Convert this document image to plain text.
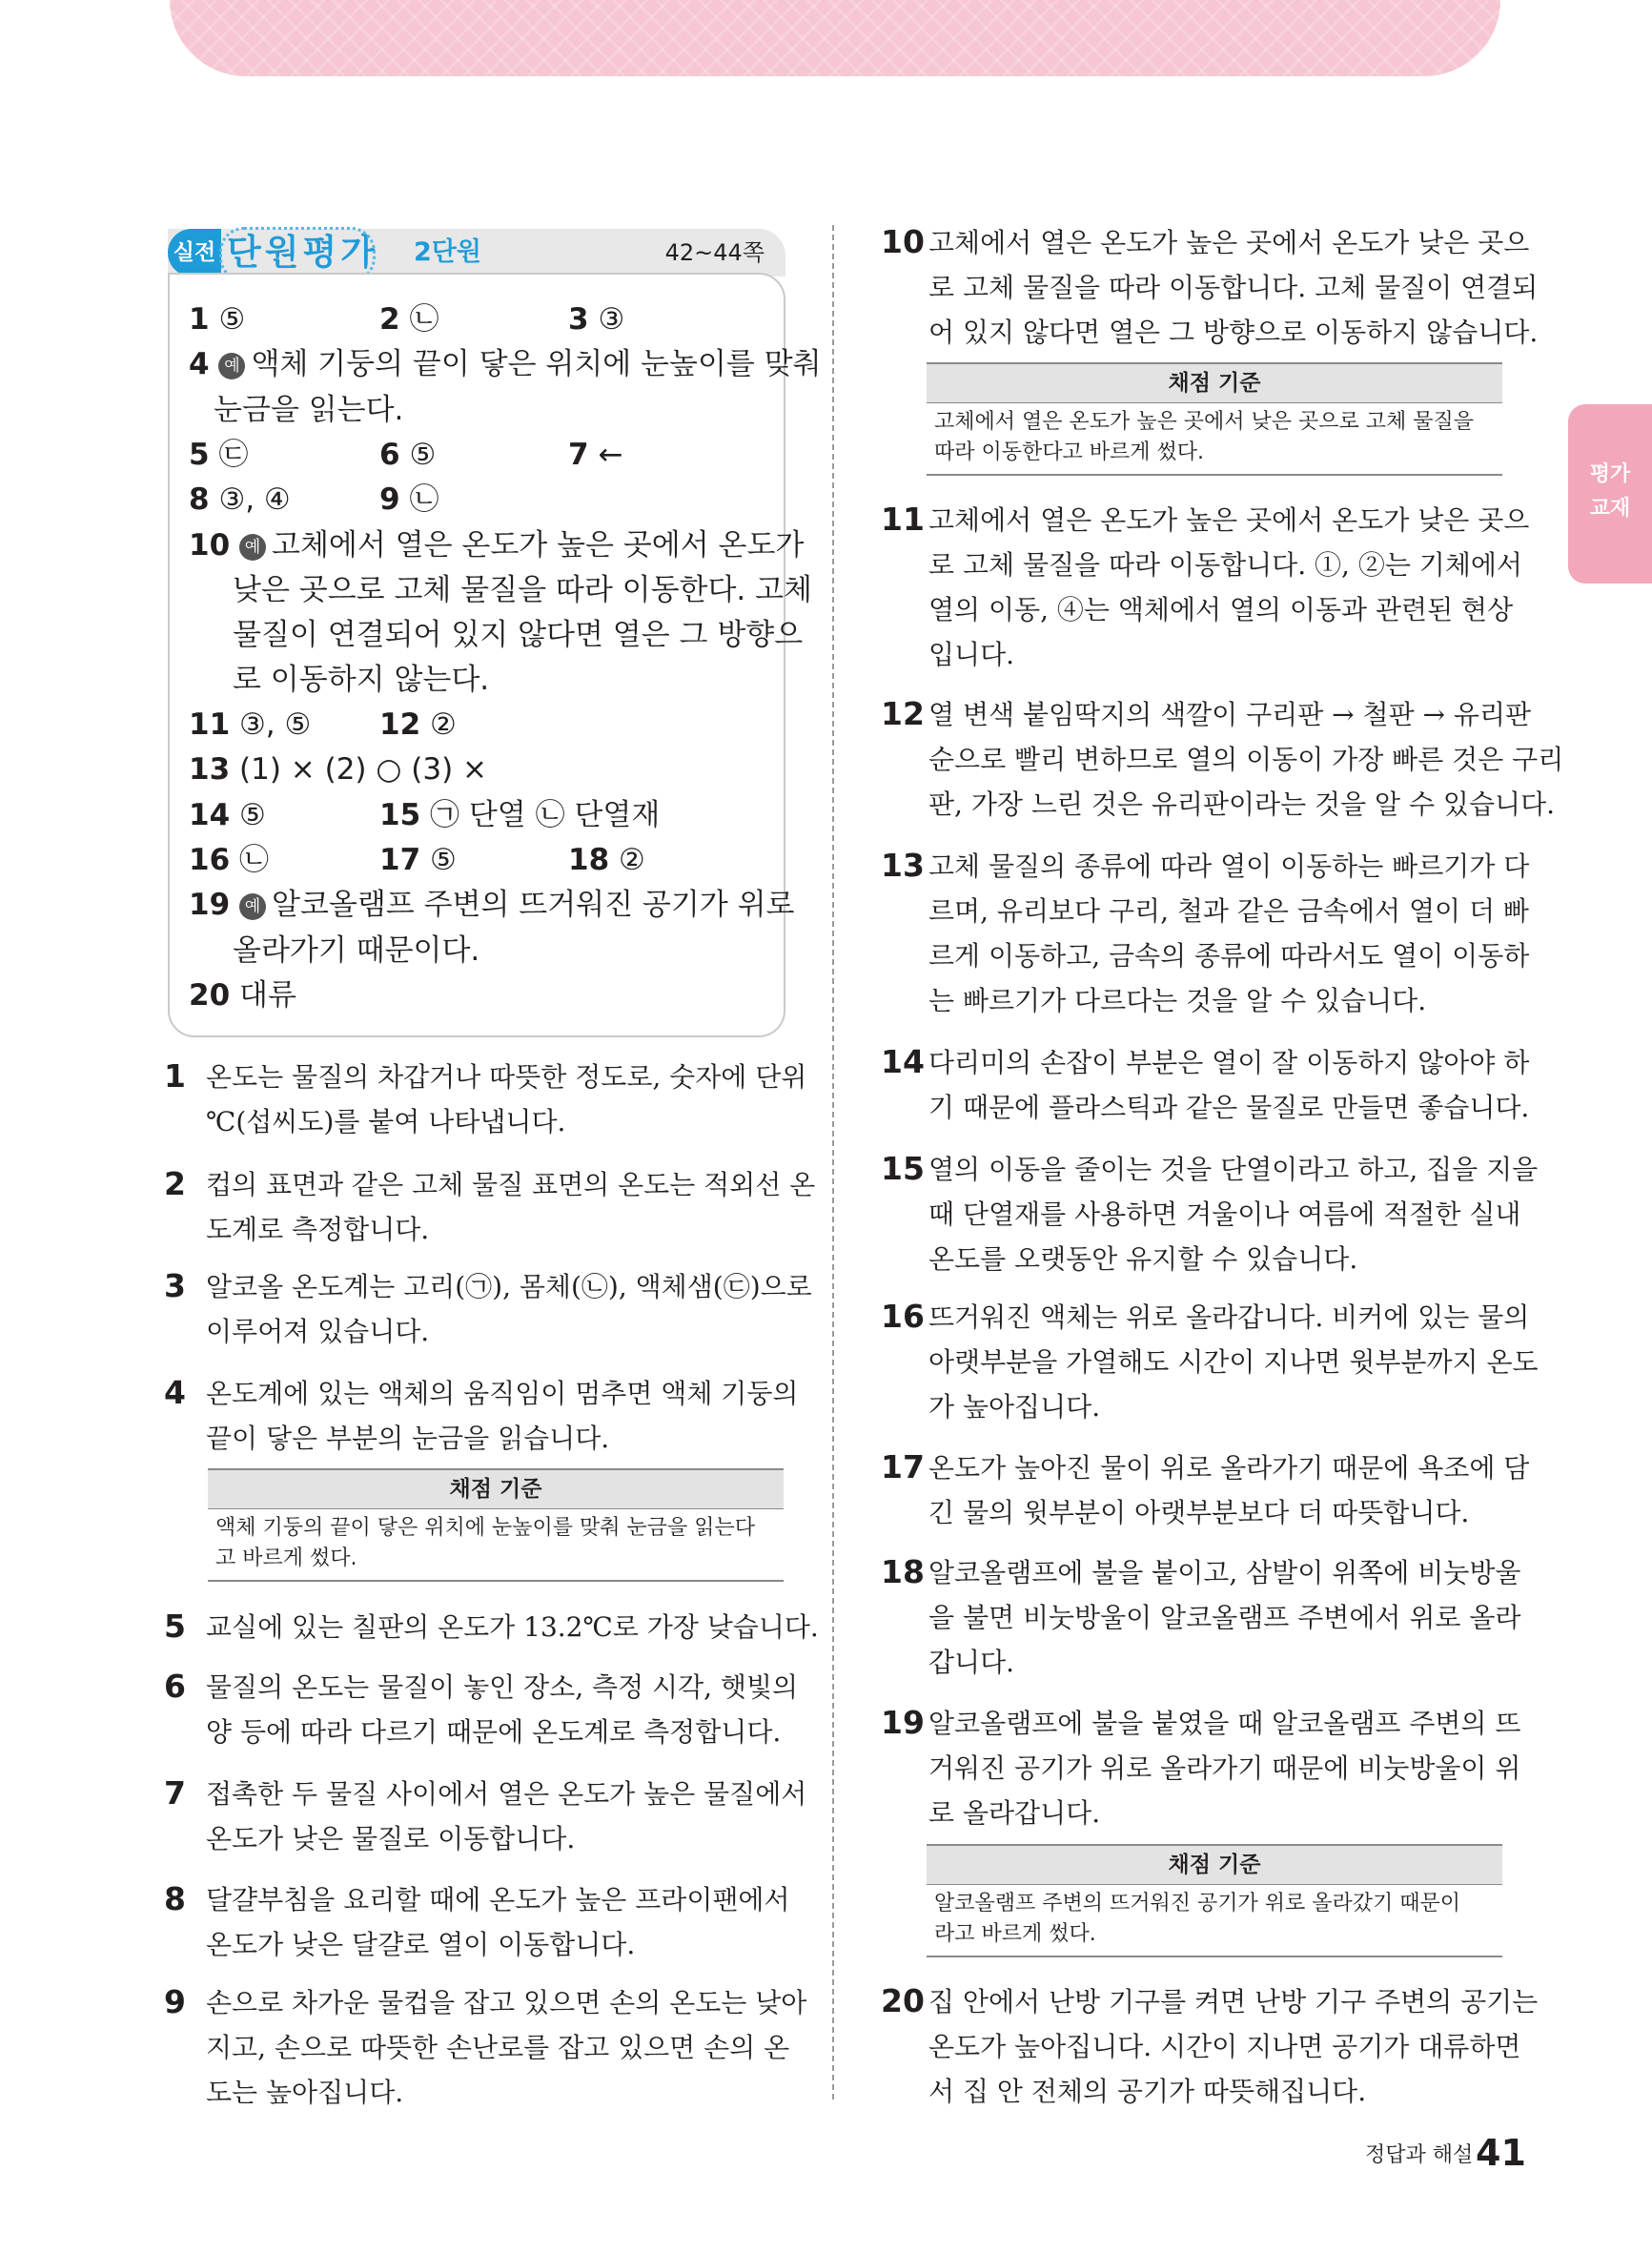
실전 단원평가 2단원	42~44쪽
1 ⑤	2 ㉡	3 ③
4 예 액체 기둥의 끝이 닿은 위치에 눈높이를 맞춰
눈금을 읽는다.
5 ㉢	6 ⑤	7 ←
8 ③, ④	9 ㉡
10 예 고체에서 열은 온도가 높은 곳에서 온도가
낮은 곳으로 고체 물질을 따라 이동한다. 고체
물질이 연결되어 있지 않다면 열은 그 방향으
로 이동하지 않는다.
11 ③, ⑤ 12 ②
13 (1) × (2) ○ (3) ×
14 ⑤	15 ㉠ 단열 ㉡ 단열재
16 ㉡	17 ⑤	18 ②
19 예 알코올램프 주변의 뜨거워진 공기가 위로
올라가기 때문이다.
20 대류
1 온도는 물질의 차갑거나 따뜻한 정도로, 숫자에 단위
℃(섭씨도)를 붙여 나타냅니다.
2 컵의 표면과 같은 고체 물질 표면의 온도는 적외선 온
도계로 측정합니다.
3 알코올 온도계는 고리(㉠), 몸체(㉡), 액체샘(㉢)으로
이루어져 있습니다.
4 온도계에 있는 액체의 움직임이 멈추면 액체 기둥의
끝이 닿은 부분의 눈금을 읽습니다.
채점 기준
액체 기둥의 끝이 닿은 위치에 눈높이를 맞춰 눈금을 읽는다
고 바르게 썼다.
5 교실에 있는 칠판의 온도가 13.2℃로 가장 낮습니다.
6 물질의 온도는 물질이 놓인 장소, 측정 시각, 햇빛의
양 등에 따라 다르기 때문에 온도계로 측정합니다.
7 접촉한 두 물질 사이에서 열은 온도가 높은 물질에서
온도가 낮은 물질로 이동합니다.
8 달걀부침을 요리할 때에 온도가 높은 프라이팬에서
온도가 낮은 달걀로 열이 이동합니다.
9 손으로 차가운 물컵을 잡고 있으면 손의 온도는 낮아
지고, 손으로 따뜻한 손난로를 잡고 있으면 손의 온
도는 높아집니다.
10 고체에서 열은 온도가 높은 곳에서 온도가 낮은 곳으
로 고체 물질을 따라 이동합니다. 고체 물질이 연결되
어 있지 않다면 열은 그 방향으로 이동하지 않습니다.
채점 기준
고체에서 열은 온도가 높은 곳에서 낮은 곳으로 고체 물질을
따라 이동한다고 바르게 썼다.
11 고체에서 열은 온도가 높은 곳에서 온도가 낮은 곳으
로 고체 물질을 따라 이동합니다. ①, ②는 기체에서
열의 이동, ④는 액체에서 열의 이동과 관련된 현상
입니다.
12 열 변색 붙임딱지의 색깔이 구리판 → 철판 → 유리판
순으로 빨리 변하므로 열의 이동이 가장 빠른 것은 구리
판, 가장 느린 것은 유리판이라는 것을 알 수 있습니다.
13 고체 물질의 종류에 따라 열이 이동하는 빠르기가 다
르며, 유리보다 구리, 철과 같은 금속에서 열이 더 빠
르게 이동하고, 금속의 종류에 따라서도 열이 이동하
는 빠르기가 다르다는 것을 알 수 있습니다.
14 다리미의 손잡이 부분은 열이 잘 이동하지 않아야 하
기 때문에 플라스틱과 같은 물질로 만들면 좋습니다.
15 열의 이동을 줄이는 것을 단열이라고 하고, 집을 지을
때 단열재를 사용하면 겨울이나 여름에 적절한 실내
온도를 오랫동안 유지할 수 있습니다.
16 뜨거워진 액체는 위로 올라갑니다. 비커에 있는 물의
아랫부분을 가열해도 시간이 지나면 윗부분까지 온도
가 높아집니다.
17 온도가 높아진 물이 위로 올라가기 때문에 욕조에 담
긴 물의 윗부분이 아랫부분보다 더 따뜻합니다.
18 알코올램프에 불을 붙이고, 삼발이 위쪽에 비눗방울
을 불면 비눗방울이 알코올램프 주변에서 위로 올라
갑니다.
19 알코올램프에 불을 붙였을 때 알코올램프 주변의 뜨
거워진 공기가 위로 올라가기 때문에 비눗방울이 위
로 올라갑니다.
채점 기준
알코올램프 주변의 뜨거워진 공기가 위로 올라갔기 때문이
라고 바르게 썼다.
20 집 안에서 난방 기구를 켜면 난방 기구 주변의 공기는
온도가 높아집니다. 시간이 지나면 공기가 대류하면
서 집 안 전체의 공기가 따뜻해집니다.
평가
교재
정답과 해설 41
